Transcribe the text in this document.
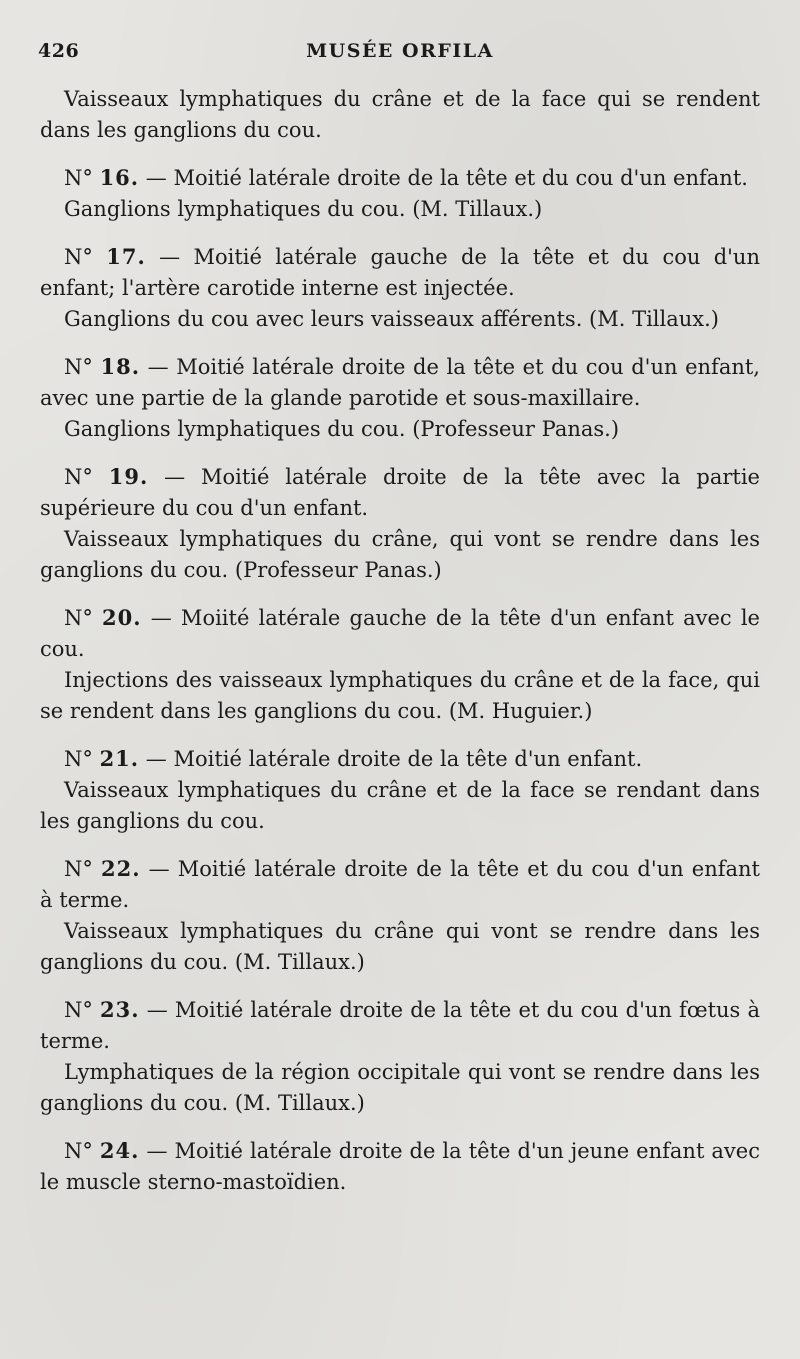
426	MUSÉE ORFILA

Vaisseaux lymphatiques du crâne et de la face qui se rendent dans les ganglions du cou.

N° 16. — Moitié latérale droite de la tête et du cou d'un enfant.

Ganglions lymphatiques du cou. (M. Tillaux.)

N° 17. — Moitié latérale gauche de la tête et du cou d'un enfant; l'artère carotide interne est injectée.

Ganglions du cou avec leurs vaisseaux afférents. (M. Tillaux.)

N° 18. — Moitié latérale droite de la tête et du cou d'un enfant, avec une partie de la glande parotide et sous-maxillaire.

Ganglions lymphatiques du cou. (Professeur Panas.)

N° 19. — Moitié latérale droite de la tête avec la partie supérieure du cou d'un enfant.

Vaisseaux lymphatiques du crâne, qui vont se rendre dans les ganglions du cou. (Professeur Panas.)

N° 20. — Moiité latérale gauche de la tête d'un enfant avec le cou.

Injections des vaisseaux lymphatiques du crâne et de la face, qui se rendent dans les ganglions du cou. (M. Huguier.)

N° 21. — Moitié latérale droite de la tête d'un enfant.

Vaisseaux lymphatiques du crâne et de la face se rendant dans les ganglions du cou.

N° 22. — Moitié latérale droite de la tête et du cou d'un enfant à terme.

Vaisseaux lymphatiques du crâne qui vont se rendre dans les ganglions du cou. (M. Tillaux.)

N° 23. — Moitié latérale droite de la tête et du cou d'un fœtus à terme.

Lymphatiques de la région occipitale qui vont se rendre dans les ganglions du cou. (M. Tillaux.)

N° 24. — Moitié latérale droite de la tête d'un jeune enfant avec le muscle sterno-mastoïdien.
